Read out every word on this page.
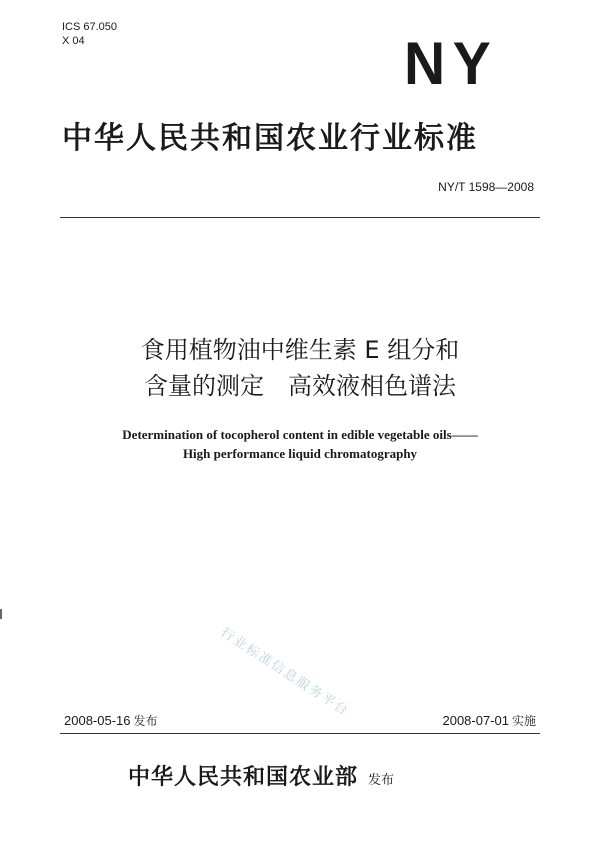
ICS 67.050
X 04	NY
中华人民共和国农业行业标准
NY/T 1598—2008
食用植物油中维生素 E 组分和
含量的测定　高效液相色谱法
Determination of tocopherol content in edible vegetable oils——
High performance liquid chromatography
行业标准信息服务平台
2008-05-16 发布	2008-07-01 实施
中华人民共和国农业部 发布
